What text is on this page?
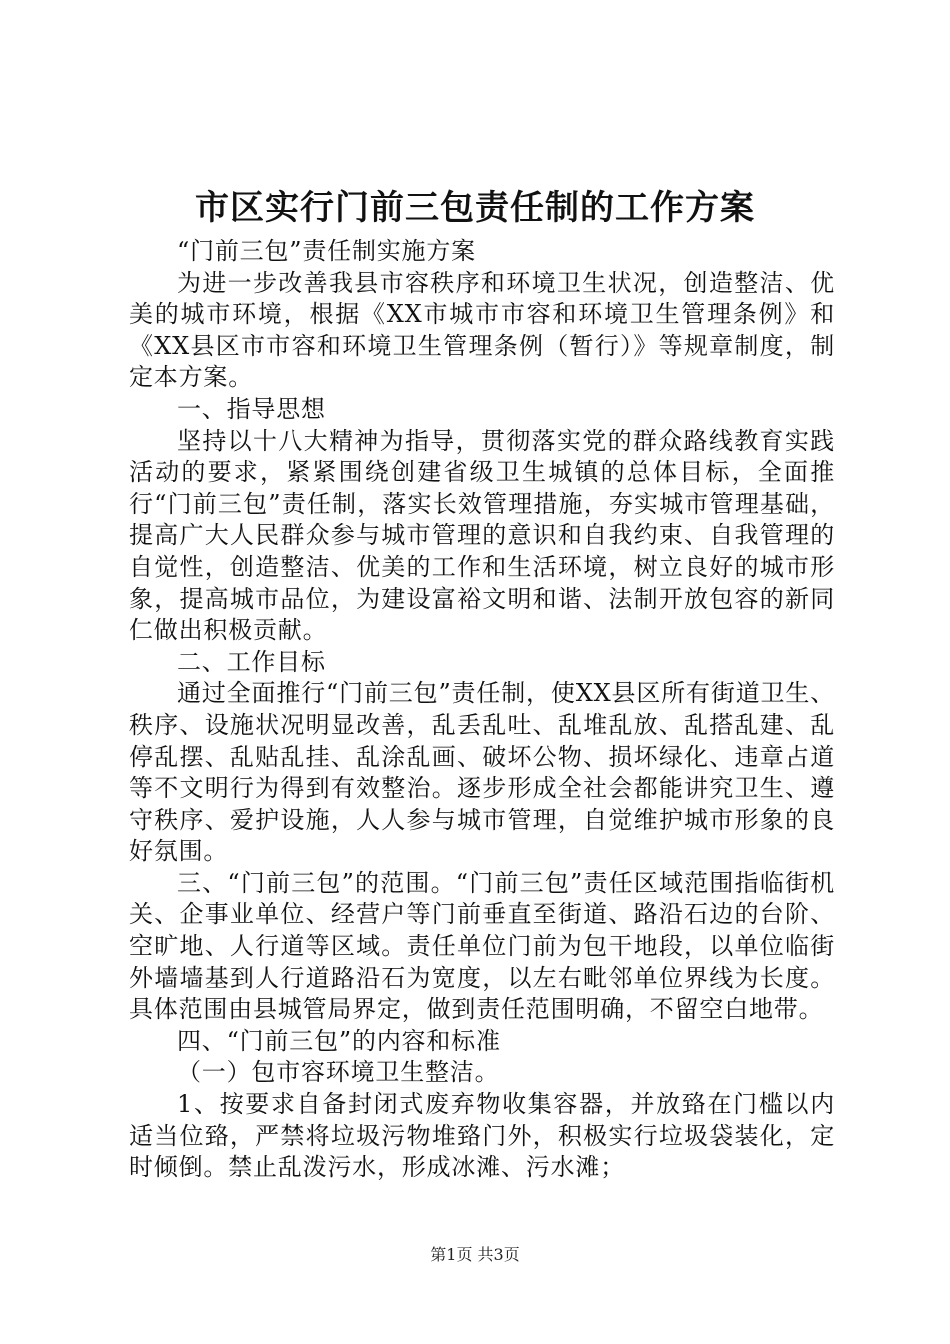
市区实行门前三包责任制的工作方案

“门前三包”责任制实施方案

为进一步改善我县市容秩序和环境卫生状况，创造整洁、优美的城市环境，根据《XX市城市市容和环境卫生管理条例》和《XX县区市市容和环境卫生管理条例（暂行）》等规章制度，制定本方案。

一、指导思想

坚持以十八大精神为指导，贯彻落实党的群众路线教育实践活动的要求，紧紧围绕创建省级卫生城镇的总体目标，全面推行“门前三包”责任制，落实长效管理措施，夯实城市管理基础，提高广大人民群众参与城市管理的意识和自我约束、自我管理的自觉性，创造整洁、优美的工作和生活环境，树立良好的城市形象，提高城市品位，为建设富裕文明和谐、法制开放包容的新同仁做出积极贡献。

二、工作目标

通过全面推行“门前三包”责任制，使XX县区所有街道卫生、秩序、设施状况明显改善，乱丢乱吐、乱堆乱放、乱搭乱建、乱停乱摆、乱贴乱挂、乱涂乱画、破坏公物、损坏绿化、违章占道等不文明行为得到有效整治。逐步形成全社会都能讲究卫生、遵守秩序、爱护设施，人人参与城市管理，自觉维护城市形象的良好氛围。

三、“门前三包”的范围。“门前三包”责任区域范围指临街机关、企事业单位、经营户等门前垂直至街道、路沿石边的台阶、空旷地、人行道等区域。责任单位门前为包干地段，以单位临街外墙墙基到人行道路沿石为宽度，以左右毗邻单位界线为长度。具体范围由县城管局界定，做到责任范围明确，不留空白地带。

四、“门前三包”的内容和标准

（一）包市容环境卫生整洁。

1、按要求自备封闭式废弃物收集容器，并放臵在门槛以内适当位臵，严禁将垃圾污物堆臵门外，积极实行垃圾袋装化，定时倾倒。禁止乱泼污水，形成冰滩、污水滩；

第1页 共3页
